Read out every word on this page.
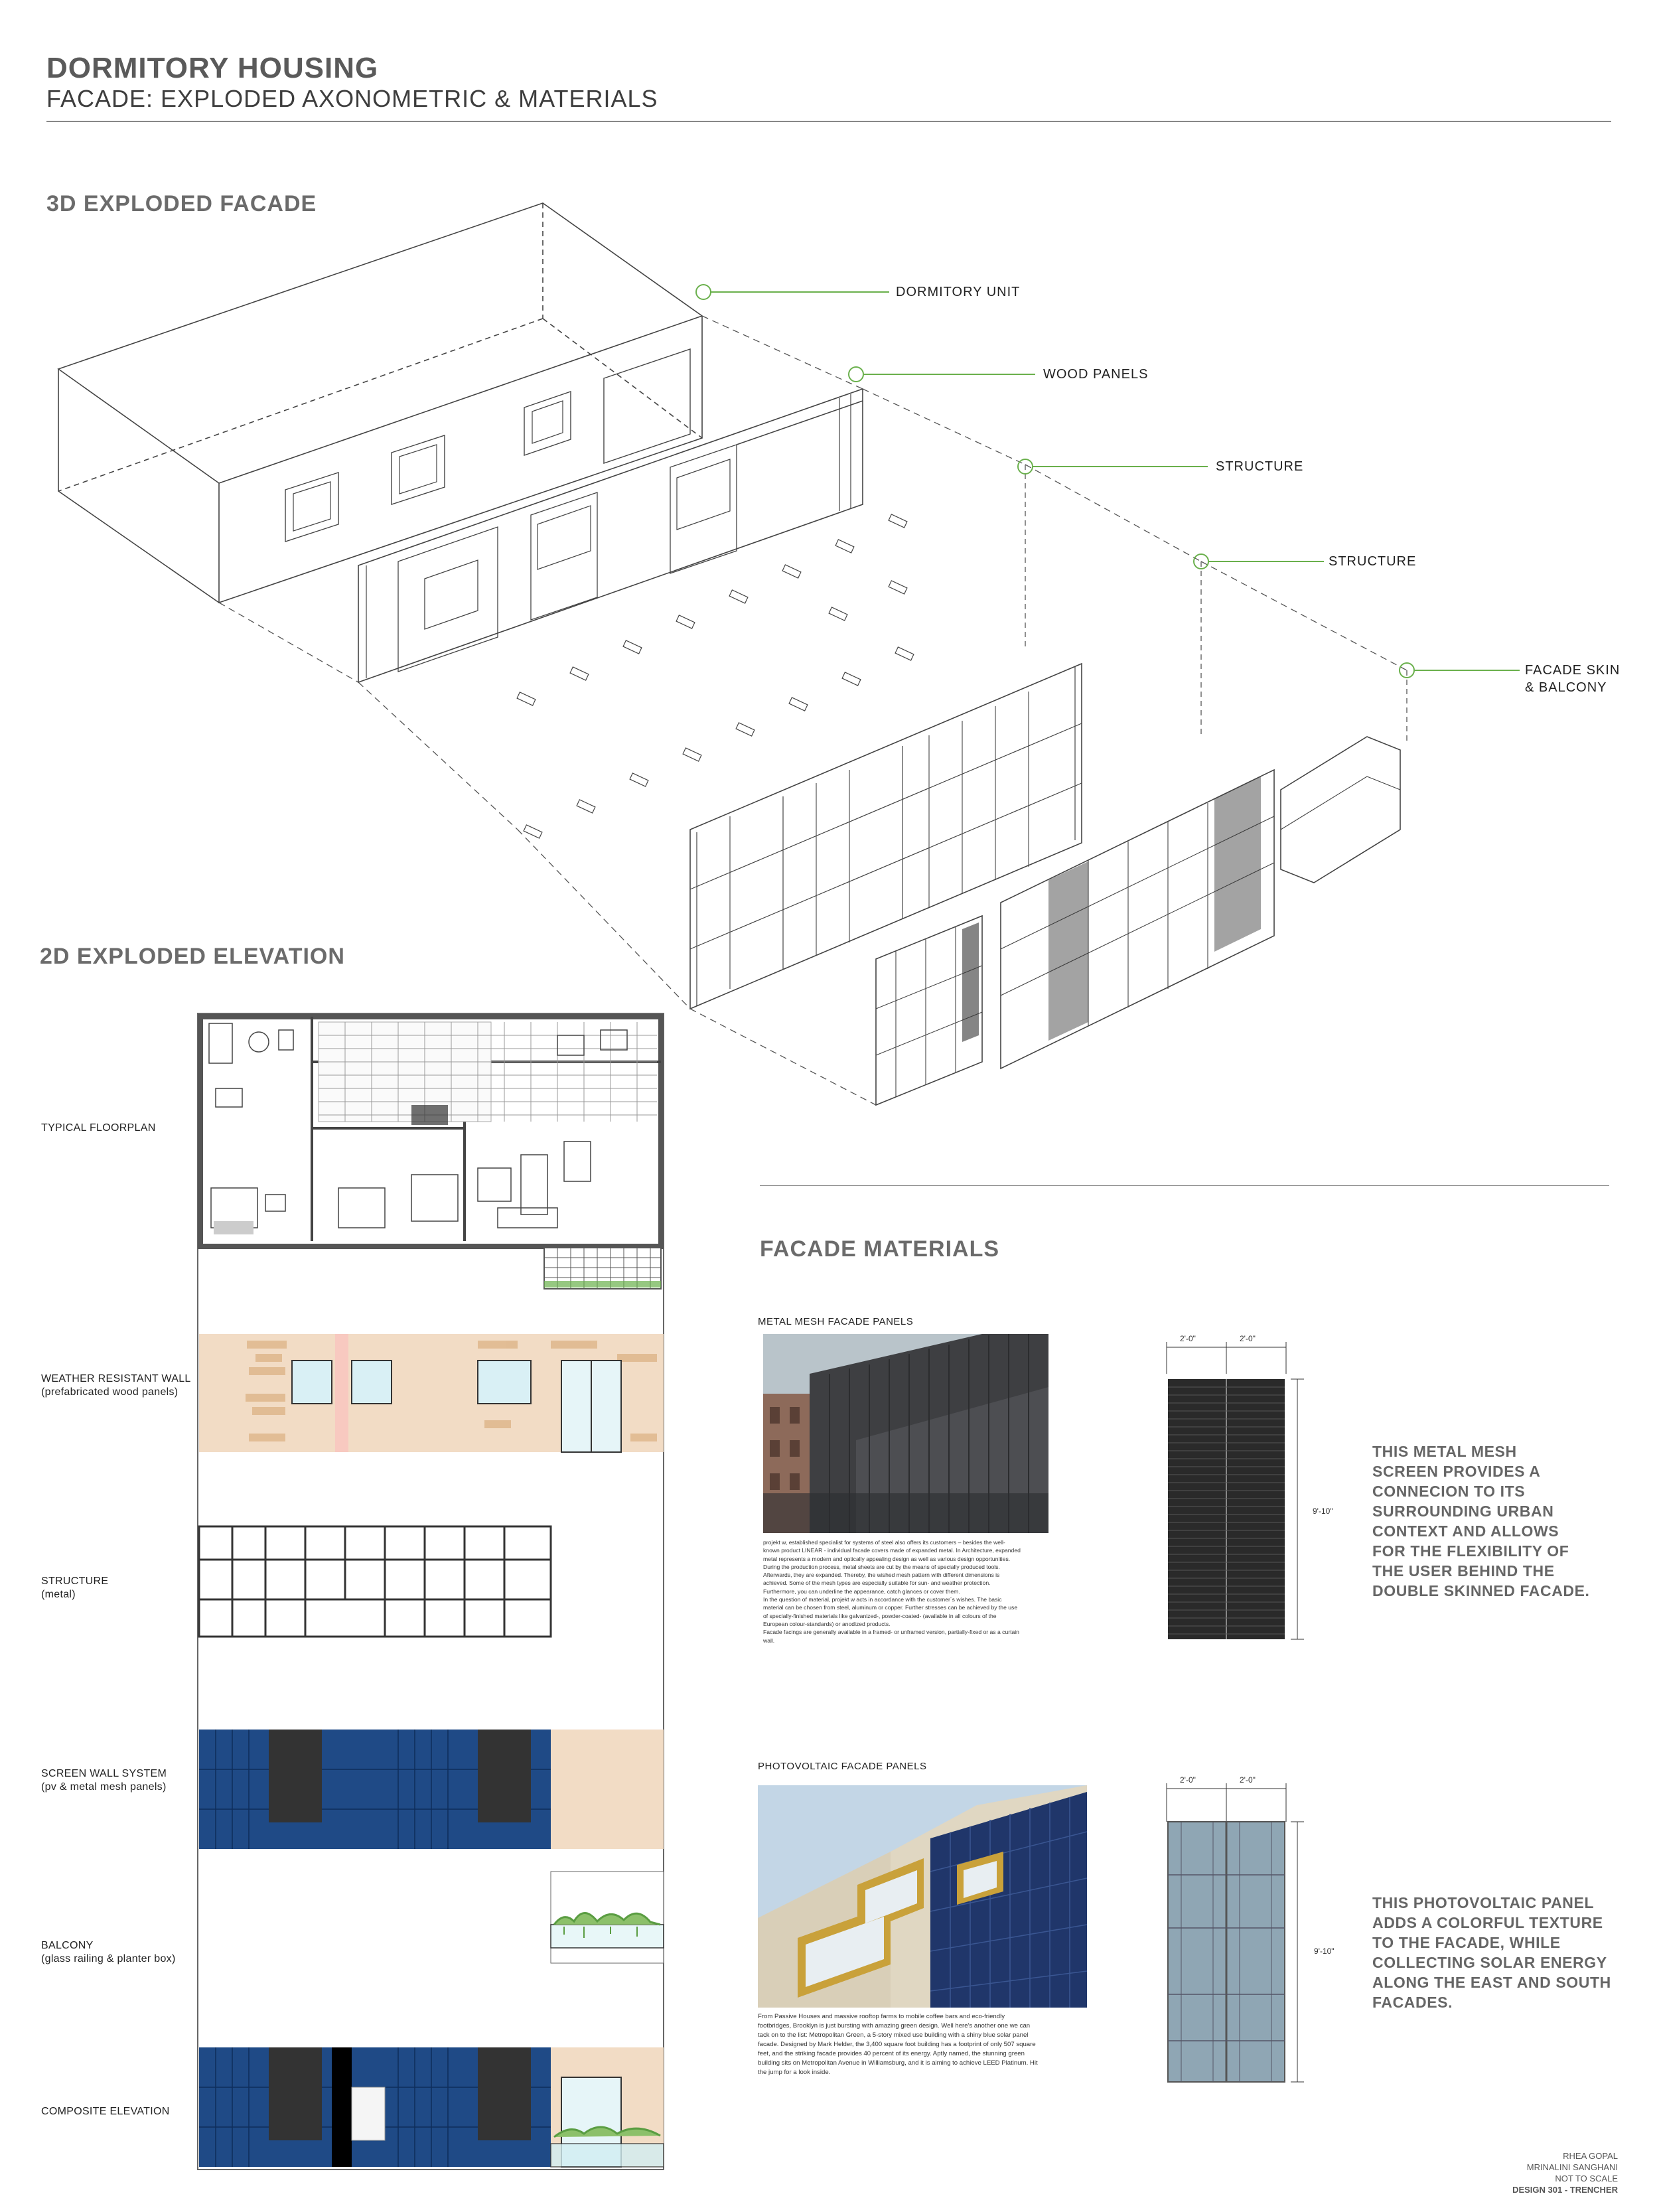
DORMITORY HOUSING
FACADE: EXPLODED AXONOMETRIC & MATERIALS
3D EXPLODED FACADE
DORMITORY UNIT
WOOD PANELS
STRUCTURE
STRUCTURE
FACADE SKIN
& BALCONY
2D EXPLODED ELEVATION
TYPICAL FLOORPLAN
WEATHER RESISTANT WALL
(prefabricated wood panels)
STRUCTURE
(metal)
SCREEN WALL SYSTEM
(pv & metal mesh panels)
BALCONY
(glass railing & planter box)
COMPOSITE ELEVATION
FACADE MATERIALS
METAL MESH FACADE PANELS
projekt w, established specialist for systems of steel also offers its customers – besides the well-
known product LINEAR - individual facade covers made of expanded metal. In Architecture, expanded
metal represents a modern and optically appealing design as well as various design opportunities.
During the production process, metal sheets are cut by the means of specially produced tools.
Afterwards, they are expanded. Thereby, the wished mesh pattern with different dimensions is
achieved. Some of the mesh types are especially suitable for sun- and weather protection.
Furthermore, you can underline the appearance, catch glances or cover them.
In the question of material, projekt w acts in accordance with the customer´s wishes. The basic
material can be chosen from steel, aluminum or copper. Further stresses can be achieved by the use
of specially-finished materials like galvanized-, powder-coated- (available in all colours of the
European colour-standards) or anodized products.
Facade facings are generally available in a framed- or unframed version, partially-fixed or as a curtain
wall.
2'-0"	2'-0"
9'-10"
THIS METAL MESH
SCREEN PROVIDES A
CONNECION TO ITS
SURROUNDING URBAN
CONTEXT AND ALLOWS
FOR THE FLEXIBILITY OF
THE USER BEHIND THE
DOUBLE SKINNED FACADE.
PHOTOVOLTAIC FACADE PANELS
From Passive Houses and massive rooftop farms to mobile coffee bars and eco-friendly
footbridges, Brooklyn is just bursting with amazing green design. Well here's another one we can
tack on to the list: Metropolitan Green, a 5-story mixed use building with a shiny blue solar panel
facade. Designed by Mark Helder, the 3,400 square foot building has a footprint of only 507 square
feet, and the striking facade provides 40 percent of its energy. Aptly named, the stunning green
building sits on Metropolitan Avenue in Williamsburg, and it is aiming to achieve LEED Platinum. Hit
the jump for a look inside.
2'-0"	2'-0"
9'-10"
THIS PHOTOVOLTAIC PANEL
ADDS A COLORFUL TEXTURE
TO THE FACADE, WHILE
COLLECTING SOLAR ENERGY
ALONG THE EAST AND SOUTH
FACADES.
RHEA GOPAL
MRINALINI SANGHANI
NOT TO SCALE
DESIGN 301 - TRENCHER
